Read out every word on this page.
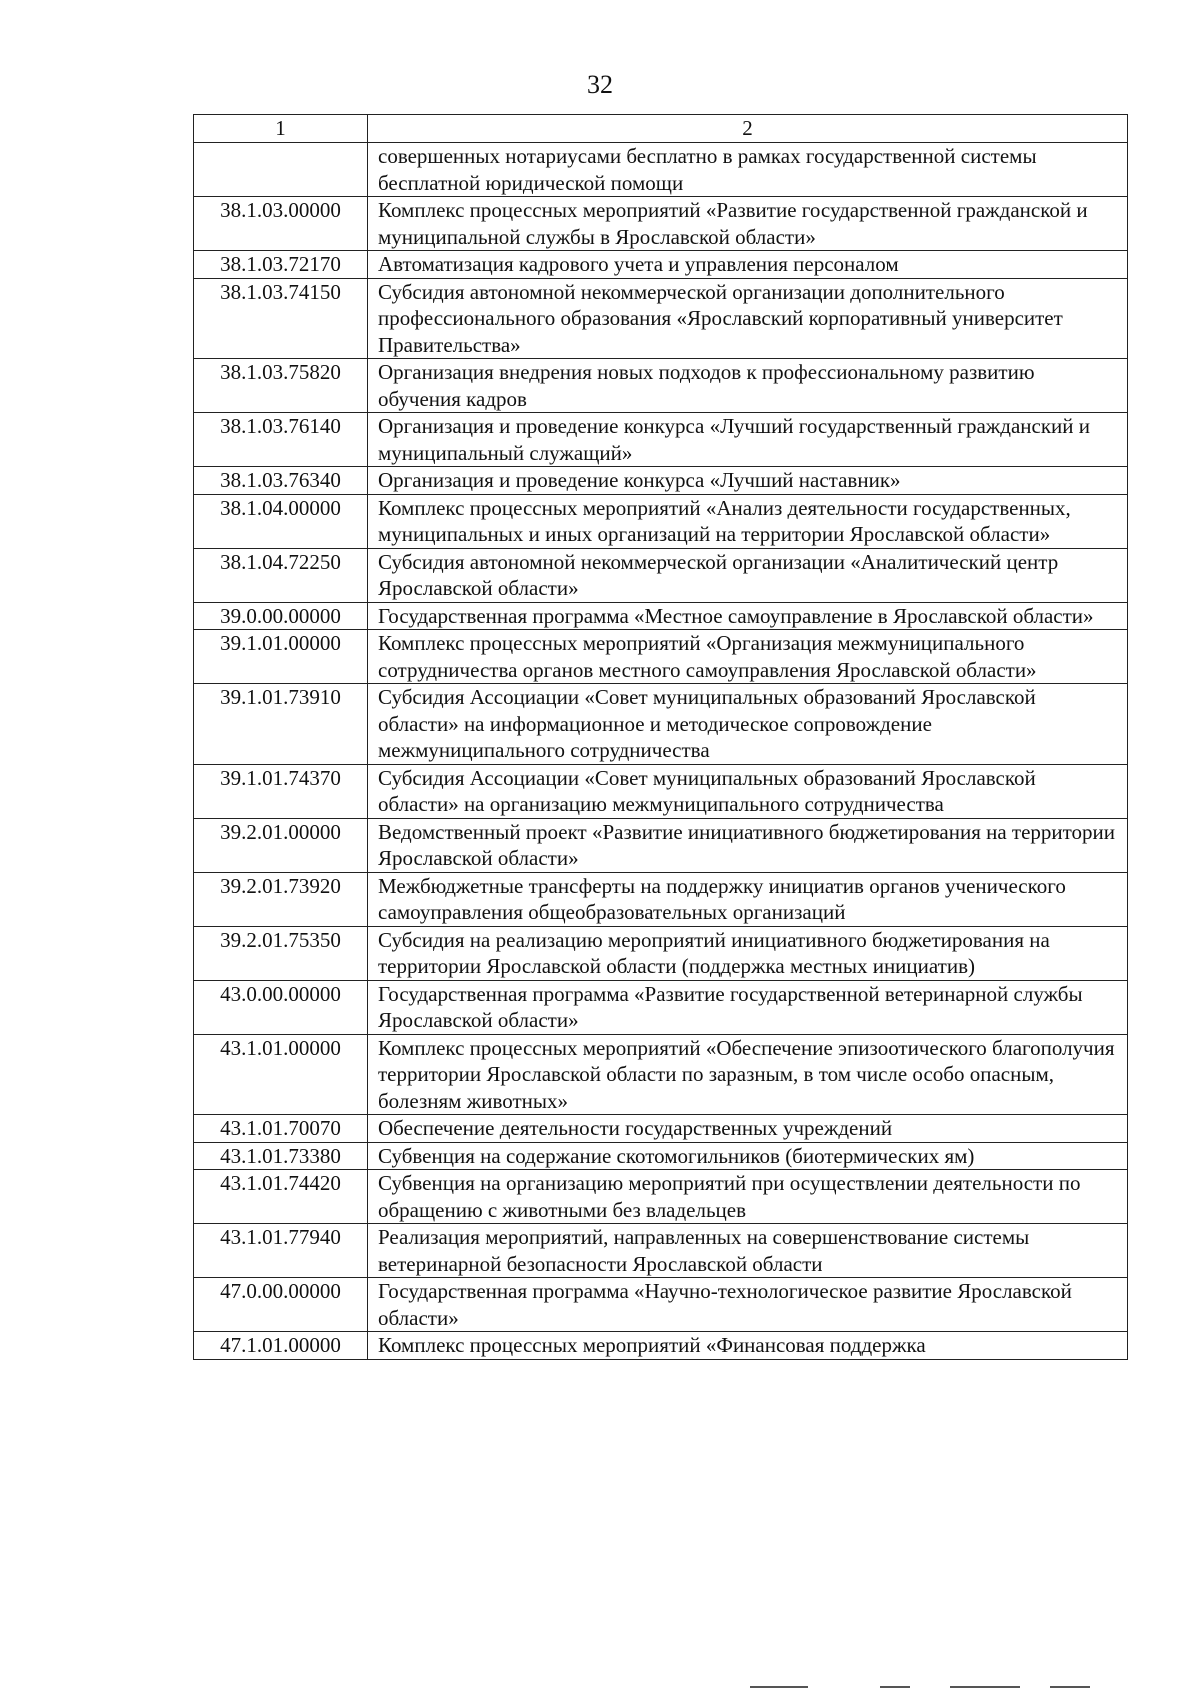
32
1	2
	совершенных нотариусами бесплатно в рамках государственной системы бесплатной юридической помощи
38.1.03.00000	Комплекс процессных мероприятий «Развитие государственной гражданской и муниципальной службы в Ярославской области»
38.1.03.72170	Автоматизация кадрового учета и управления персоналом
38.1.03.74150	Субсидия автономной некоммерческой организации дополнительного профессионального образования «Ярославский корпоративный университет Правительства»
38.1.03.75820	Организация внедрения новых подходов к профессиональному развитию обучения кадров
38.1.03.76140	Организация и проведение конкурса «Лучший государственный гражданский и муниципальный служащий»
38.1.03.76340	Организация и проведение конкурса «Лучший наставник»
38.1.04.00000	Комплекс процессных мероприятий «Анализ деятельности государственных, муниципальных и иных организаций на территории Ярославской области»
38.1.04.72250	Субсидия автономной некоммерческой организации «Аналитический центр Ярославской области»
39.0.00.00000	Государственная программа «Местное самоуправление в Ярославской области»
39.1.01.00000	Комплекс процессных мероприятий «Организация межмуниципального сотрудничества органов местного самоуправления Ярославской области»
39.1.01.73910	Субсидия Ассоциации «Совет муниципальных образований Ярославской области» на информационное и методическое сопровождение межмуниципального сотрудничества
39.1.01.74370	Субсидия Ассоциации «Совет муниципальных образований Ярославской области» на организацию межмуниципального сотрудничества
39.2.01.00000	Ведомственный проект «Развитие инициативного бюджетирования на территории Ярославской области»
39.2.01.73920	Межбюджетные трансферты на поддержку инициатив органов ученического самоуправления общеобразовательных организаций
39.2.01.75350	Субсидия на реализацию мероприятий инициативного бюджетирования на территории Ярославской области (поддержка местных инициатив)
43.0.00.00000	Государственная программа «Развитие государственной ветеринарной службы Ярославской области»
43.1.01.00000	Комплекс процессных мероприятий «Обеспечение эпизоотического благополучия территории Ярославской области по заразным, в том числе особо опасным, болезням животных»
43.1.01.70070	Обеспечение деятельности государственных учреждений
43.1.01.73380	Субвенция на содержание скотомогильников (биотермических ям)
43.1.01.74420	Субвенция на организацию мероприятий при осуществлении деятельности по обращению с животными без владельцев
43.1.01.77940	Реализация мероприятий, направленных на совершенствование системы ветеринарной безопасности Ярославской области
47.0.00.00000	Государственная программа «Научно-технологическое развитие Ярославской области»
47.1.01.00000	Комплекс процессных мероприятий «Финансовая поддержка
